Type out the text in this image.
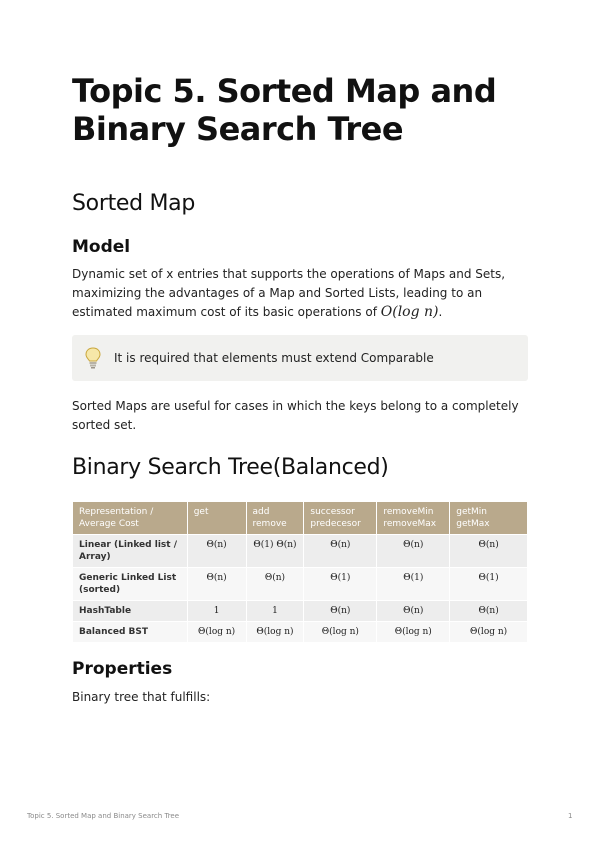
Topic 5. Sorted Map and Binary Search Tree
Sorted Map
Model

Dynamic set of x entries that supports the operations of Maps and Sets, maximizing the advantages of a Map and Sorted Lists, leading to an estimated maximum cost of its basic operations of O(log n).

It is required that elements must extend Comparable

Sorted Maps are useful for cases in which the keys belong to a completely sorted set.

Binary Search Tree(Balanced)
Representation / Average Cost	get	add remove	successor predecesor	removeMin removeMax	getMin getMax
Linear (Linked list / Array)	Θ(n)	Θ(1) Θ(n)	Θ(n)	Θ(n)	Θ(n)
Generic Linked List (sorted)	Θ(n)	Θ(n)	Θ(1)	Θ(1)	Θ(1)
HashTable	1	1	Θ(n)	Θ(n)	Θ(n)
Balanced BST	Θ(log n)	Θ(log n)	Θ(log n)	Θ(log n)	Θ(log n)
Properties

Binary tree that fulfills:

Topic 5. Sorted Map and Binary Search Tree	1
